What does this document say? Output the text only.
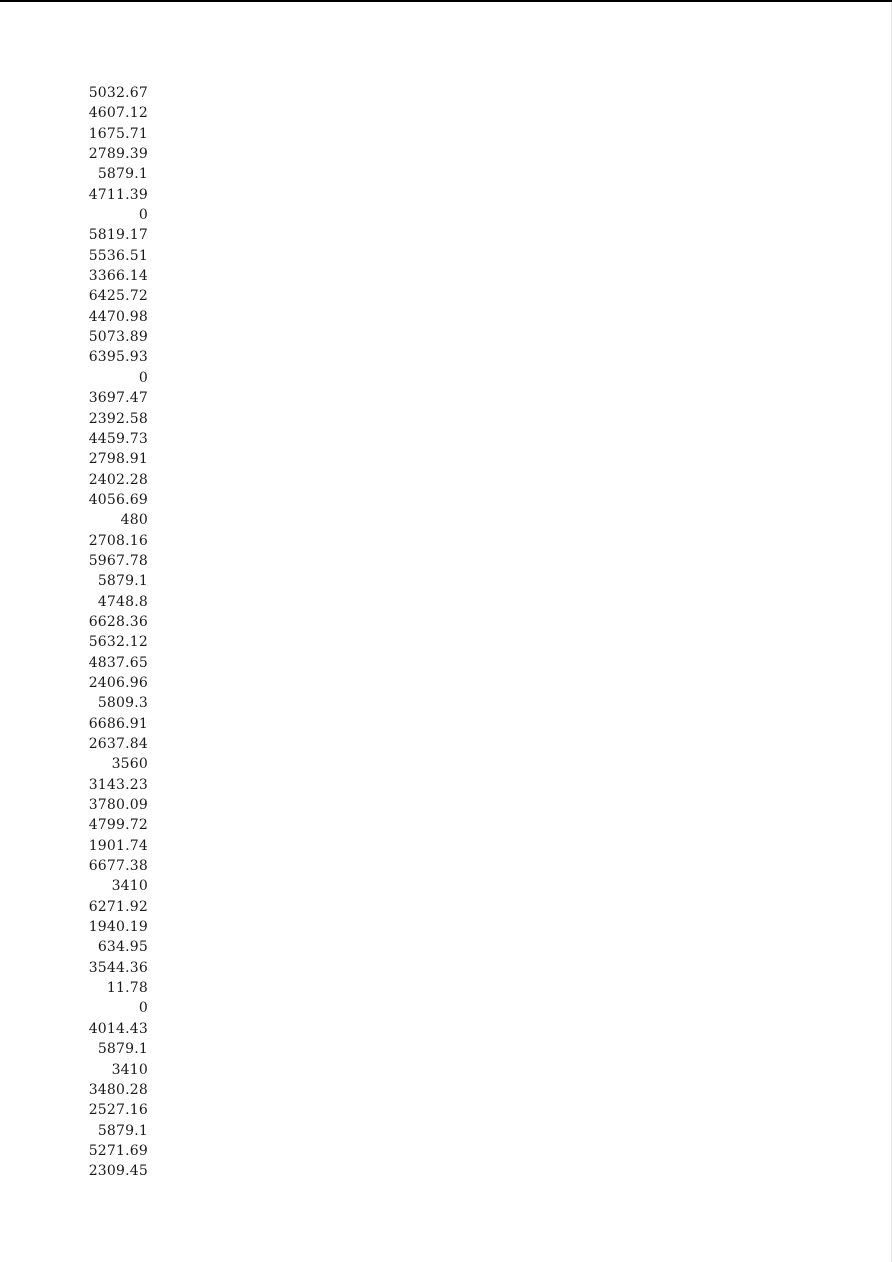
5032.67
4607.12
1675.71
2789.39
5879.1
4711.39
0
5819.17
5536.51
3366.14
6425.72
4470.98
5073.89
6395.93
0
3697.47
2392.58
4459.73
2798.91
2402.28
4056.69
480
2708.16
5967.78
5879.1
4748.8
6628.36
5632.12
4837.65
2406.96
5809.3
6686.91
2637.84
3560
3143.23
3780.09
4799.72
1901.74
6677.38
3410
6271.92
1940.19
634.95
3544.36
11.78
0
4014.43
5879.1
3410
3480.28
2527.16
5879.1
5271.69
2309.45
